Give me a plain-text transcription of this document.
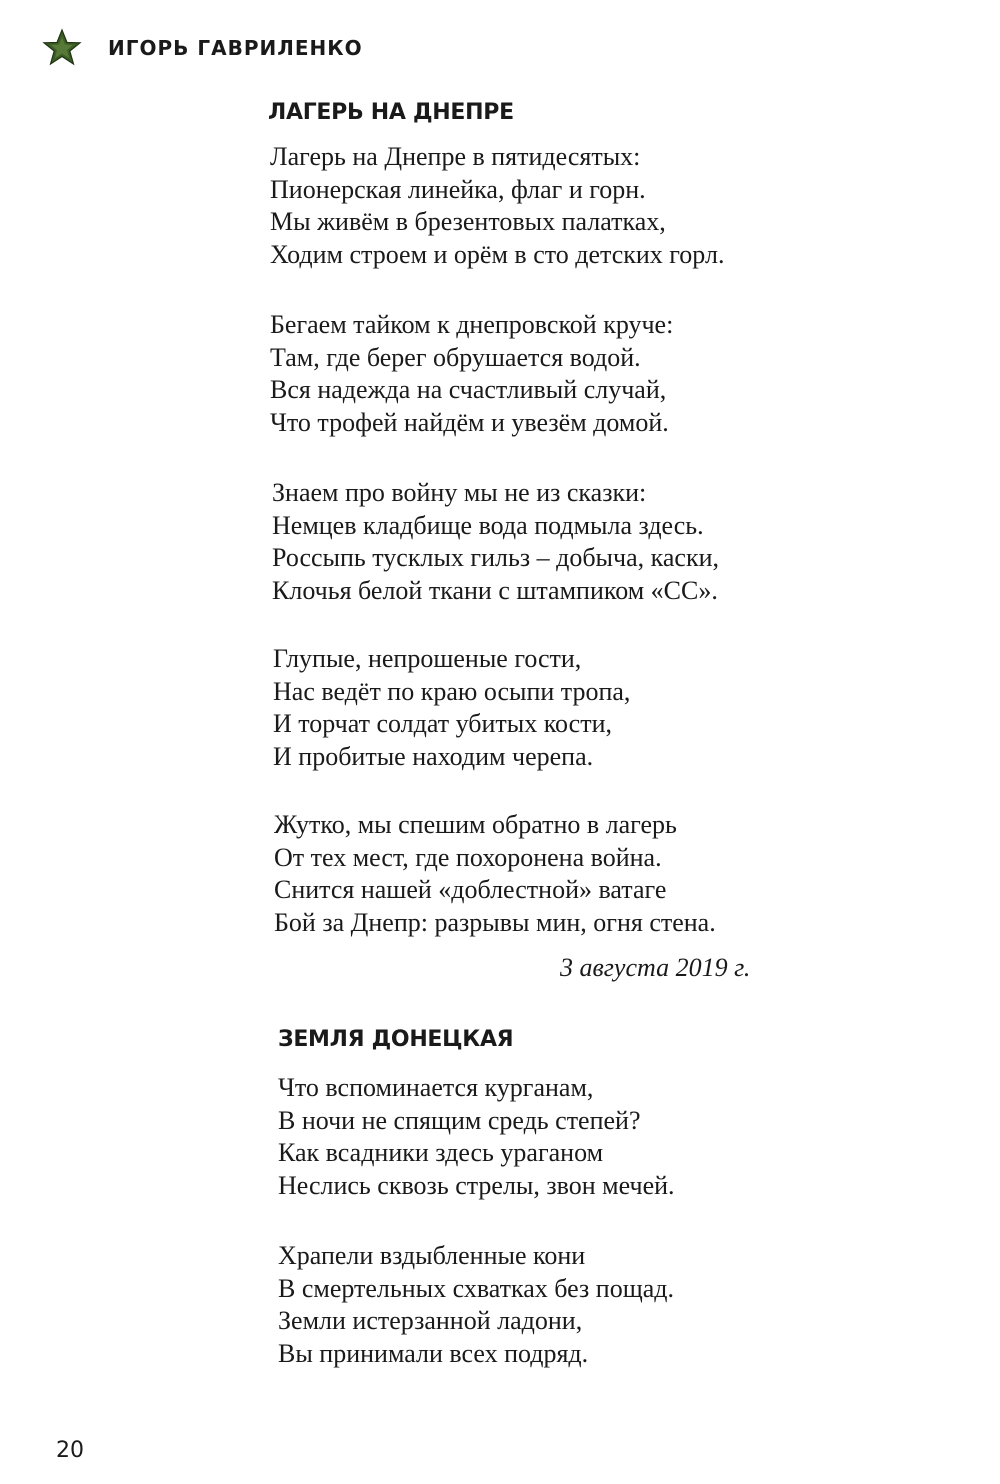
ИГОРЬ ГАВРИЛЕНКО
ЛАГЕРЬ НА ДНЕПРЕ
Лагерь на Днепре в пятидесятых:
Пионерская линейка, флаг и горн.
Мы живём в брезентовых палатках,
Ходим строем и орём в сто детских горл.
Бегаем тайком к днепровской круче:
Там, где берег обрушается водой.
Вся надежда на счастливый случай,
Что трофей найдём и увезём домой.
Знаем про войну мы не из сказки:
Немцев кладбище вода подмыла здесь.
Россыпь тусклых гильз – добыча, каски,
Клочья белой ткани с штампиком «СС».
Глупые, непрошеные гости,
Нас ведёт по краю осыпи тропа,
И торчат солдат убитых кости,
И пробитые находим черепа.
Жутко, мы спешим обратно в лагерь
От тех мест, где похоронена война.
Снится нашей «доблестной» ватаге
Бой за Днепр: разрывы мин, огня стена.
3 августа 2019 г.
ЗЕМЛЯ ДОНЕЦКАЯ
Что вспоминается курганам,
В ночи не спящим средь степей?
Как всадники здесь ураганом
Неслись сквозь стрелы, звон мечей.
Храпели вздыбленные кони
В смертельных схватках без пощад.
Земли истерзанной ладони,
Вы принимали всех подряд.
20
